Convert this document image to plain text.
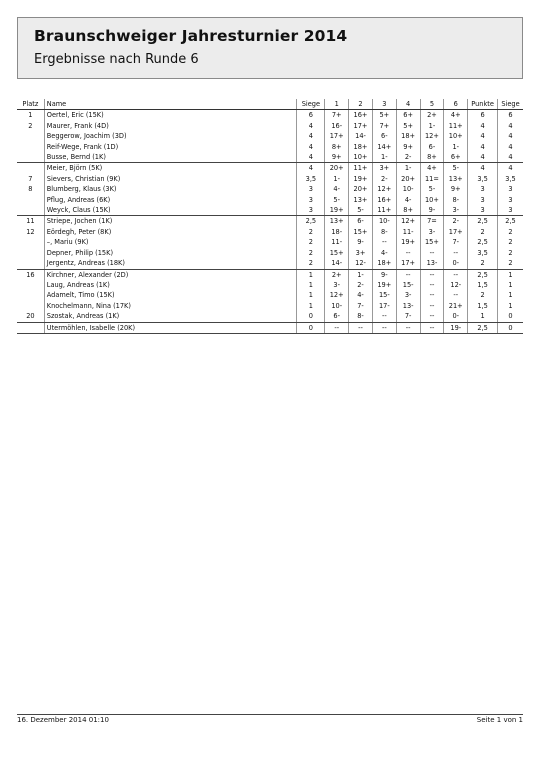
Braunschweiger Jahresturnier 2014
Ergebnisse nach Runde 6
Platz	Name	Siege	1	2	3	4	5	6	Punkte	Siege
1	Oertel, Eric (15K)	6	7+	16+	5+	6+	2+	4+	6	6
2	Maurer, Frank (4D)	4	16-	17+	7+	5+	1-	11+	4	4
	Beggerow, Joachim (3D)	4	17+	14-	6-	18+	12+	10+	4	4
	Reif-Wege, Frank (1D)	4	8+	18+	14+	9+	6-	1-	4	4
	Busse, Bernd (1K)	4	9+	10+	1-	2-	8+	6+	4	4
	Meier, Björn (5K)	4	20+	11+	3+	1-	4+	5-	4	4
7	Sievers, Christian (9K)	3,5	1-	19+	2-	20+	11=	13+	3,5	3,5
8	Blumberg, Klaus (3K)	3	4-	20+	12+	10-	5-	9+	3	3
	Pflug, Andreas (6K)	3	5-	13+	16+	4-	10+	8-	3	3
	Weyck, Claus (15K)	3	19+	5-	11+	8+	9-	3-	3	3
11	Striepe, Jochen (1K)	2,5	13+	6-	10-	12+	7=	2-	2,5	2,5
12	Eördegh, Peter (8K)	2	18-	15+	8-	11-	3-	17+	2	2
	–, Mariu (9K)	2	11-	9-	--	19+	15+	7-	2,5	2
	Depner, Philip (15K)	2	15+	3+	4-	--	--	--	3,5	2
	Jergentz, Andreas (18K)	2	14-	12-	18+	17+	13-	0-	2	2
16	Kirchner, Alexander (2D)	1	2+	1-	9-	--	--	--	2,5	1
	Laug, Andreas (1K)	1	3-	2-	19+	15-	--	12-	1,5	1
	Adamelt, Timo (15K)	1	12+	4-	15-	3-	--	--	2	1
	Knochelmann, Nina (17K)	1	10-	7-	17-	13-	--	21+	1,5	1
20	Szostak, Andreas (1K)	0	6-	8-	--	7-	--	0-	1	0
	Utermöhlen, Isabelle (20K)	0	--	--	--	--	--	19-	2,5	0
16. Dezember 2014 01:10	Seite 1 von 1
